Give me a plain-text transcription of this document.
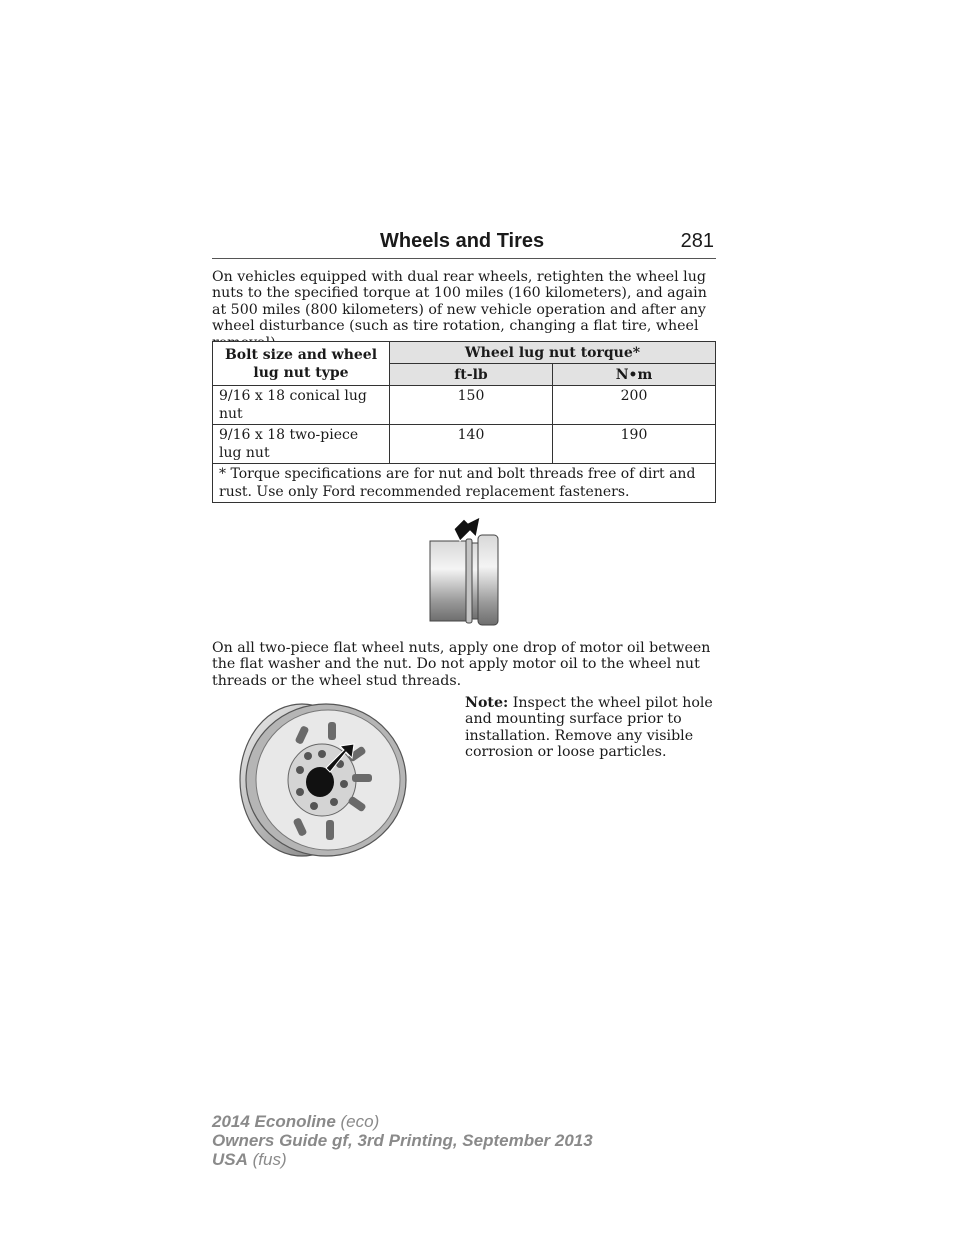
Wheels and Tires	281

On vehicles equipped with dual rear wheels, retighten the wheel lug nuts to the specified torque at 100 miles (160 kilometers), and again at 500 miles (800 kilometers) of new vehicle operation and after any wheel disturbance (such as tire rotation, changing a flat tire, wheel

Bolt size and wheel lug nut type	Wheel lug nut torque*	
	ft-lb	N•m
9/16 x 18 conical lug nut	150	200
9/16 x 18 two-piece lug nut	140	190
* Torque specifications are for nut and bolt threads free of dirt and rust. Use only Ford recommended replacement fasteners.		

On all two-piece flat wheel nuts, apply one drop of motor oil between the flat washer and the nut. Do not apply motor oil to the wheel nut threads or the wheel stud threads.

Note: Inspect the wheel pilot hole and mounting surface prior to installation. Remove any visible corrosion or loose particles.

2014 Econoline (eco)
Owners Guide gf, 3rd Printing, September 2013
USA (fus)
